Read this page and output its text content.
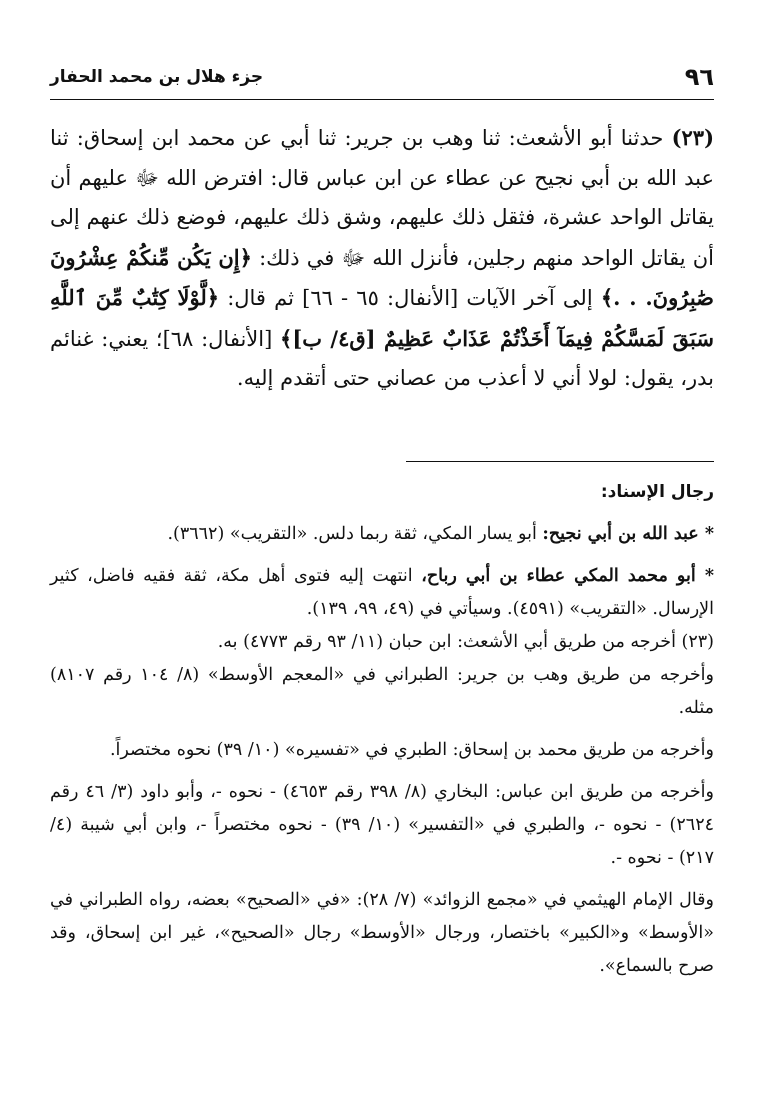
٩٦
جزء هلال بن محمد الحفار

(٢٣) حدثنا أبو الأشعث: ثنا وهب بن جرير: ثنا أبي عن محمد ابن إسحاق: ثنا عبد الله بن أبي نجيح عن عطاء عن ابن عباس قال: افترض الله ﷻ عليهم أن يقاتل الواحد عشرة، فثقل ذلك عليهم، وشق ذلك عليهم، فوضع ذلك عنهم إلى أن يقاتل الواحد منهم رجلين، فأنزل الله ﷻ في ذلك: ﴿إِن يَكُن مِّنكُمْ عِشْرُونَ صَٰبِرُونَ. . .﴾ إلى آخر الآيات [الأنفال: ٦٥ - ٦٦] ثم قال: ﴿لَّوْلَا كِتَٰبٌ مِّنَ ٱللَّهِ سَبَقَ لَمَسَّكُمْ فِيمَآ أَخَذْتُمْ عَذَابٌ عَظِيمٌ [ق٤/ ب]﴾ [الأنفال: ٦٨]؛ يعني: غنائم بدر، يقول: لولا أني لا أعذب من عصاني حتى أتقدم إليه.

رجال الإسناد:

* عبد الله بن أبي نجيح: أبو يسار المكي، ثقة ربما دلس. «التقريب» (٣٦٦٢).

* أبو محمد المكي عطاء بن أبي رباح، انتهت إليه فتوى أهل مكة، ثقة فقيه فاضل، كثير الإرسال. «التقريب» (٤٥٩١). وسيأتي في (٤٩، ٩٩، ١٣٩).

(٢٣) أخرجه من طريق أبي الأشعث: ابن حبان (١١/ ٩٣ رقم ٤٧٧٣) به.

وأخرجه من طريق وهب بن جرير: الطبراني في «المعجم الأوسط» (٨/ ١٠٤ رقم ٨١٠٧) مثله.

وأخرجه من طريق محمد بن إسحاق: الطبري في «تفسيره» (١٠/ ٣٩) نحوه مختصراً.

وأخرجه من طريق ابن عباس: البخاري (٨/ ٣٩٨ رقم ٤٦٥٣) - نحوه -، وأبو داود (٣/ ٤٦ رقم ٢٦٢٤) - نحوه -، والطبري في «التفسير» (١٠/ ٣٩) - نحوه مختصراً -، وابن أبي شيبة (٤/ ٢١٧) - نحوه -.

وقال الإمام الهيثمي في «مجمع الزوائد» (٧/ ٢٨): «في «الصحيح» بعضه، رواه الطبراني في «الأوسط» و«الكبير» باختصار، ورجال «الأوسط» رجال «الصحيح»، غير ابن إسحاق، وقد صرح بالسماع».
